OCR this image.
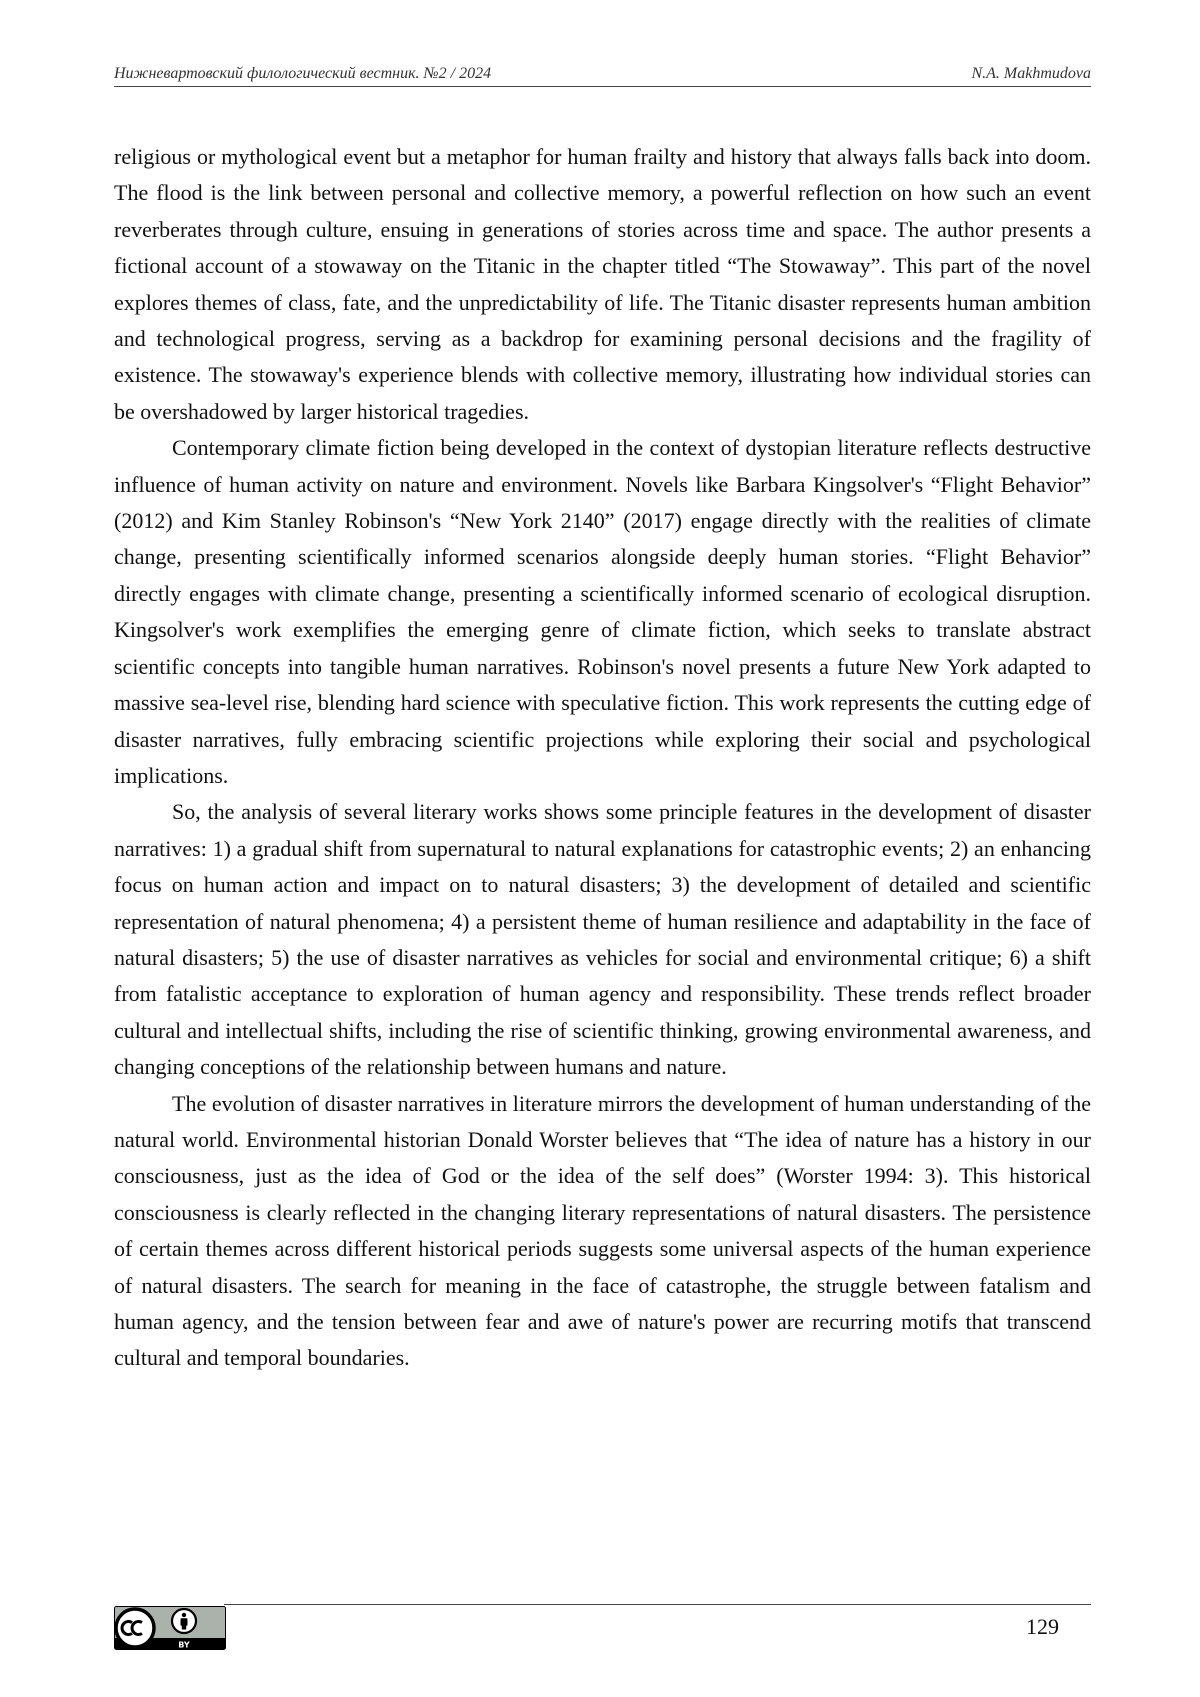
Нижневартовский филологический вестник. №2 / 2024	N.A. Makhmudova

religious or mythological event but a metaphor for human frailty and history that always falls back into doom. The flood is the link between personal and collective memory, a powerful reflection on how such an event reverberates through culture, ensuing in generations of stories across time and space. The author presents a fictional account of a stowaway on the Titanic in the chapter titled “The Stowaway”. This part of the novel explores themes of class, fate, and the unpredictability of life. The Titanic disaster represents human ambition and technological progress, serving as a backdrop for examining personal decisions and the fragility of existence. The stowaway's experience blends with collective memory, illustrating how individual stories can be overshadowed by larger historical tragedies.

Contemporary climate fiction being developed in the context of dystopian literature reflects destructive influence of human activity on nature and environment. Novels like Barbara Kingsolver's “Flight Behavior” (2012) and Kim Stanley Robinson's “New York 2140” (2017) engage directly with the realities of climate change, presenting scientifically informed scenarios alongside deeply human stories. “Flight Behavior” directly engages with climate change, presenting a scientifically informed scenario of ecological disruption. Kingsolver's work exemplifies the emerging genre of climate fiction, which seeks to translate abstract scientific concepts into tangible human narratives. Robinson's novel presents a future New York adapted to massive sea-level rise, blending hard science with speculative fiction. This work represents the cutting edge of disaster narratives, fully embracing scientific projections while exploring their social and psychological implications.

So, the analysis of several literary works shows some principle features in the development of disaster narratives: 1) a gradual shift from supernatural to natural explanations for catastrophic events; 2) an enhancing focus on human action and impact on to natural disasters; 3) the development of detailed and scientific representation of natural phenomena; 4) a persistent theme of human resilience and adaptability in the face of natural disasters; 5) the use of disaster narratives as vehicles for social and environmental critique; 6) a shift from fatalistic acceptance to exploration of human agency and responsibility. These trends reflect broader cultural and intellectual shifts, including the rise of scientific thinking, growing environmental awareness, and changing conceptions of the relationship between humans and nature.

The evolution of disaster narratives in literature mirrors the development of human understanding of the natural world. Environmental historian Donald Worster believes that “The idea of nature has a history in our consciousness, just as the idea of God or the idea of the self does” (Worster 1994: 3). This historical consciousness is clearly reflected in the changing literary representations of natural disasters. The persistence of certain themes across different historical periods suggests some universal aspects of the human experience of natural disasters. The search for meaning in the face of catastrophe, the struggle between fatalism and human agency, and the tension between fear and awe of nature's power are recurring motifs that transcend cultural and temporal boundaries.

BY
129
